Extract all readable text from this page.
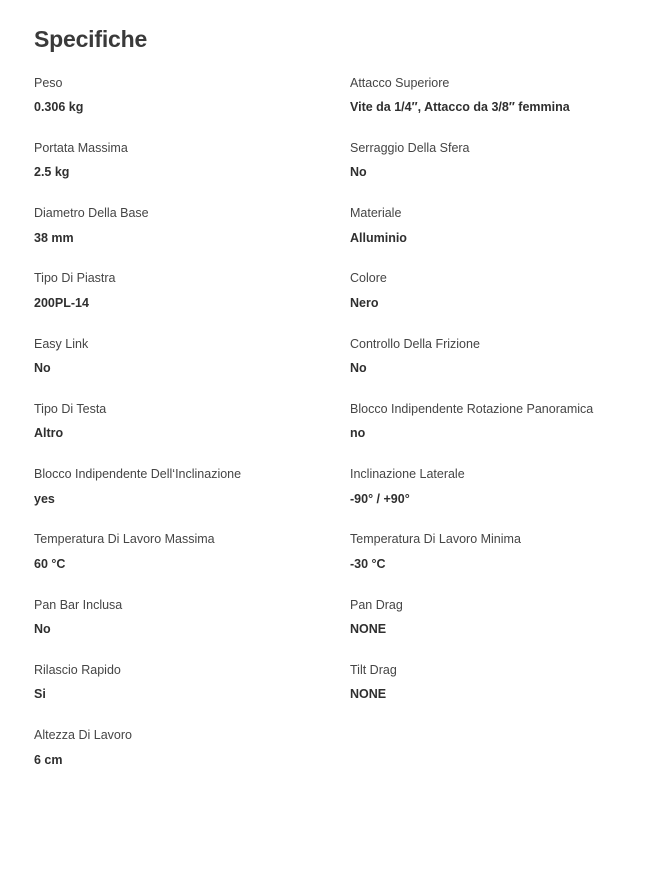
Specifiche
Peso
0.306 kg
Attacco Superiore
Vite da 1/4″, Attacco da 3/8″ femmina
Portata Massima
2.5 kg
Serraggio Della Sfera
No
Diametro Della Base
38 mm
Materiale
Alluminio
Tipo Di Piastra
200PL-14
Colore
Nero
Easy Link
No
Controllo Della Frizione
No
Tipo Di Testa
Altro
Blocco Indipendente Rotazione Panoramica
no
Blocco Indipendente Dell‘Inclinazione
yes
Inclinazione Laterale
-90° / +90°
Temperatura Di Lavoro Massima
60 °C
Temperatura Di Lavoro Minima
-30 °C
Pan Bar Inclusa
No
Pan Drag
NONE
Rilascio Rapido
Si
Tilt Drag
NONE
Altezza Di Lavoro
6 cm
